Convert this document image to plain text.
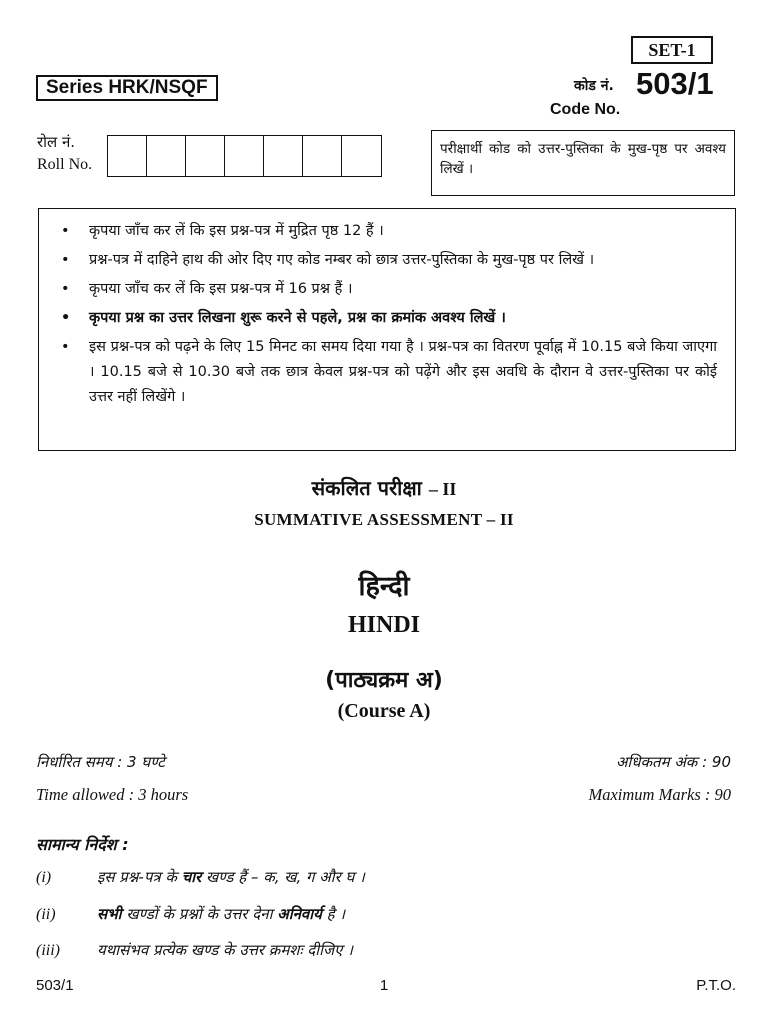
SET-1
Series HRK/NSQF	कोड नं. 503/1
Code No.
रोल नं.
Roll No.
परीक्षार्थी कोड को उत्तर-पुस्तिका के मुख-पृष्ठ पर अवश्य लिखें ।
• कृपया जाँच कर लें कि इस प्रश्न-पत्र में मुद्रित पृष्ठ 12 हैं ।
• प्रश्न-पत्र में दाहिने हाथ की ओर दिए गए कोड नम्बर को छात्र उत्तर-पुस्तिका के मुख-पृष्ठ पर लिखें ।
• कृपया जाँच कर लें कि इस प्रश्न-पत्र में 16 प्रश्न हैं ।
• कृपया प्रश्न का उत्तर लिखना शुरू करने से पहले, प्रश्न का क्रमांक अवश्य लिखें ।
• इस प्रश्न-पत्र को पढ़ने के लिए 15 मिनट का समय दिया गया है । प्रश्न-पत्र का वितरण पूर्वाह्न में 10.15 बजे किया जाएगा । 10.15 बजे से 10.30 बजे तक छात्र केवल प्रश्न-पत्र को पढ़ेंगे और इस अवधि के दौरान वे उत्तर-पुस्तिका पर कोई उत्तर नहीं लिखेंगे ।
संकलित परीक्षा – II
SUMMATIVE ASSESSMENT – II
हिन्दी
HINDI
(पाठ्यक्रम अ)
(Course A)
निर्धारित समय : 3 घण्टे	अधिकतम अंक : 90
Time allowed : 3 hours	Maximum Marks : 90
सामान्य निर्देश :
(i)	इस प्रश्न-पत्र के चार खण्ड हैं – क, ख, ग और घ ।
(ii)	सभी खण्डों के प्रश्नों के उत्तर देना अनिवार्य है ।
(iii) यथासंभव प्रत्येक खण्ड के उत्तर क्रमशः दीजिए ।
503/1	1	P.T.O.
